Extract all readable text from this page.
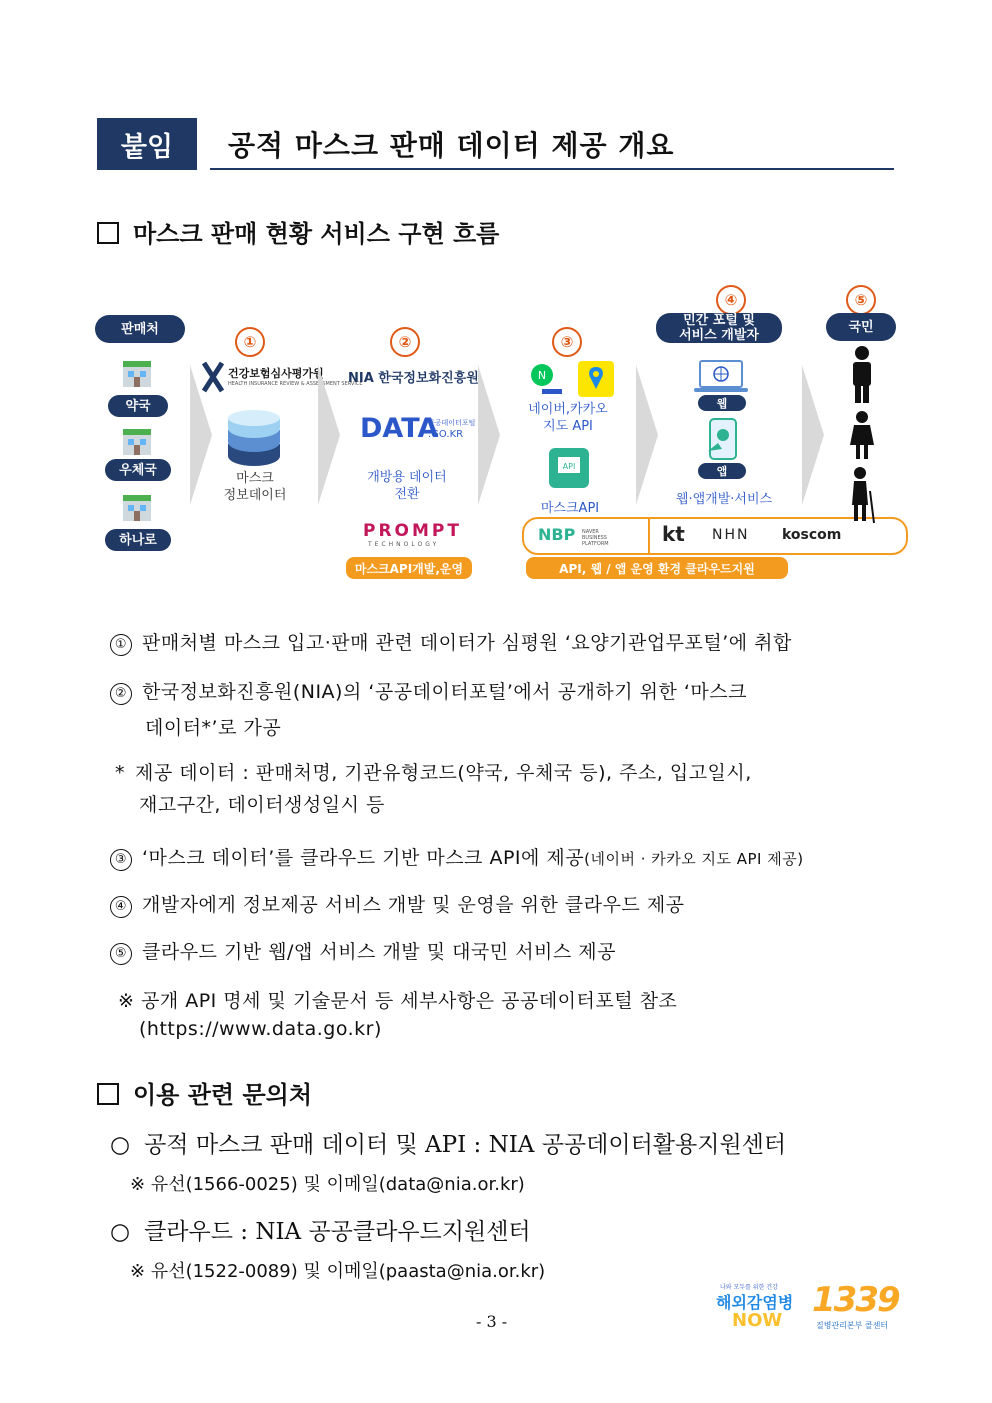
붙임	공적 마스크 판매 데이터 제공 개요
마스크 판매 현황 서비스 구현 흐름
판매처
약국
우체국
하나로
①
건강보험심사평가원
HEALTH INSURANCE REVIEW & ASSESSMENT SERVICE
마스크
정보데이터
②
NIA 한국정보화진흥원
DATA
공공데이터포털
.GO.KR
개방용 데이터
전환
PROMPT
TECHNOLOGY
마스크API개발,운영
③
N
네이버,카카오
지도 API
API
마스크API
NBP NAVER BUSINESS PLATFORM	kt NHN koscom
API, 웹 / 앱 운영 환경 클라우드지원
④
민간 포털 및
서비스 개발자
웹
앱
웹·앱개발·서비스
⑤
국민
① 판매처별 마스크 입고·판매 관련 데이터가 심평원 ‘요양기관업무포털’에 취합
② 한국정보화진흥원(NIA)의 ‘공공데이터포털’에서 공개하기 위한 ‘마스크
데이터*’로 가공
* 제공 데이터 : 판매처명, 기관유형코드(약국, 우체국 등), 주소, 입고일시,
재고구간, 데이터생성일시 등
③ ‘마스크 데이터’를 클라우드 기반 마스크 API에 제공(네이버 · 카카오 지도 API 제공)
④ 개발자에게 정보제공 서비스 개발 및 운영을 위한 클라우드 제공
⑤ 클라우드 기반 웹/앱 서비스 개발 및 대국민 서비스 제공
※ 공개 API 명세 및 기술문서 등 세부사항은 공공데이터포털 참조
(https://www.data.go.kr)
이용 관련 문의처
○ 공적 마스크 판매 데이터 및 API : NIA 공공데이터활용지원센터
※ 유선(1566-0025) 및 이메일(data@nia.or.kr)
○ 클라우드 : NIA 공공클라우드지원센터
※ 유선(1522-0089) 및 이메일(paasta@nia.or.kr)
- 3 -
나와 모두를 위한 건강
해외감염병
NOW
1339
질병관리본부 콜센터
